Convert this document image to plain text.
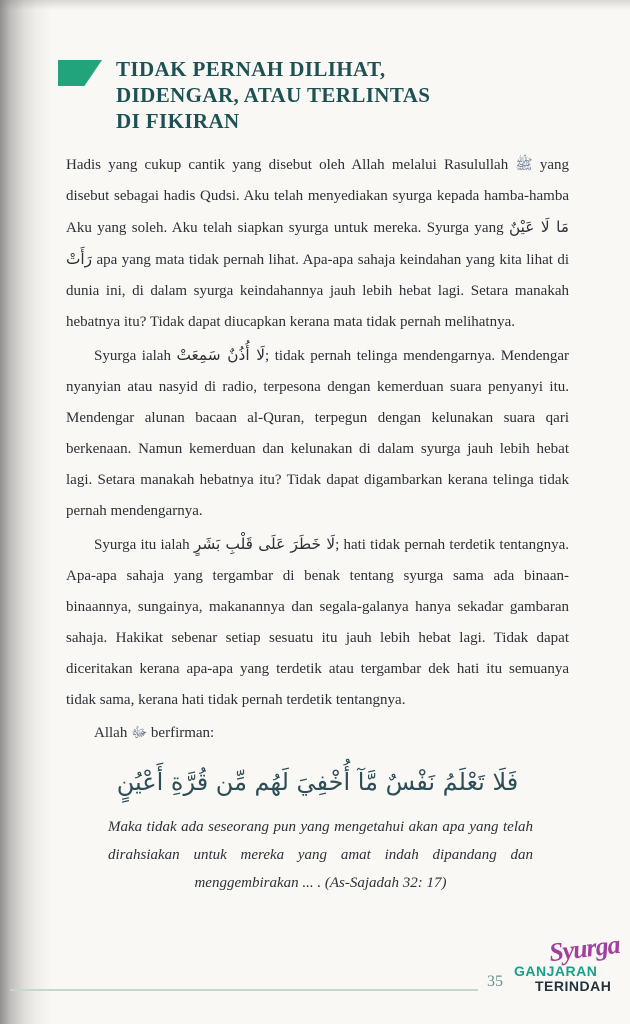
TIDAK PERNAH DILIHAT,
DIDENGAR, ATAU TERLINTAS
DI FIKIRAN

Hadis yang cukup cantik yang disebut oleh Allah melalui Rasulullah ﷺ yang disebut sebagai hadis Qudsi. Aku telah menyediakan syurga kepada hamba-hamba Aku yang soleh. Aku telah siapkan syurga untuk mereka. Syurga yang مَا لَا عَيْنٌ رَأَتْ apa yang mata tidak pernah lihat. Apa-apa sahaja keindahan yang kita lihat di dunia ini, di dalam syurga keindahannya jauh lebih hebat lagi. Setara manakah hebatnya itu? Tidak dapat diucapkan kerana mata tidak pernah melihatnya.

Syurga ialah لَا أُذُنٌ سَمِعَتْ; tidak pernah telinga mendengarnya. Mendengar nyanyian atau nasyid di radio, terpesona dengan kemerduan suara penyanyi itu. Mendengar alunan bacaan al-Quran, terpegun dengan kelunakan suara qari berkenaan. Namun kemerduan dan kelunakan di dalam syurga jauh lebih hebat lagi. Setara manakah hebatnya itu? Tidak dapat digambarkan kerana telinga tidak pernah mendengarnya.

Syurga itu ialah لَا خَطَرَ عَلَى قَلْبِ بَشَرٍ; hati tidak pernah terdetik tentangnya. Apa-apa sahaja yang tergambar di benak tentang syurga sama ada binaan-binaannya, sungainya, makanannya dan segala-galanya hanya sekadar gambaran sahaja. Hakikat sebenar setiap sesuatu itu jauh lebih hebat lagi. Tidak dapat diceritakan kerana apa-apa yang terdetik atau tergambar dek hati itu semuanya tidak sama, kerana hati tidak pernah terdetik tentangnya.

Allah ﷻ berfirman:

فَلَا تَعْلَمُ نَفْسٌ مَّآ أُخْفِيَ لَهُم مِّن قُرَّةِ أَعْيُنٍ
Maka tidak ada seseorang pun yang mengetahui akan apa yang telah dirahsiakan untuk mereka yang amat indah dipandang dan menggembirakan ... . (As-Sajadah 32: 17)
35
Syurga
GANJARAN
TERINDAH
